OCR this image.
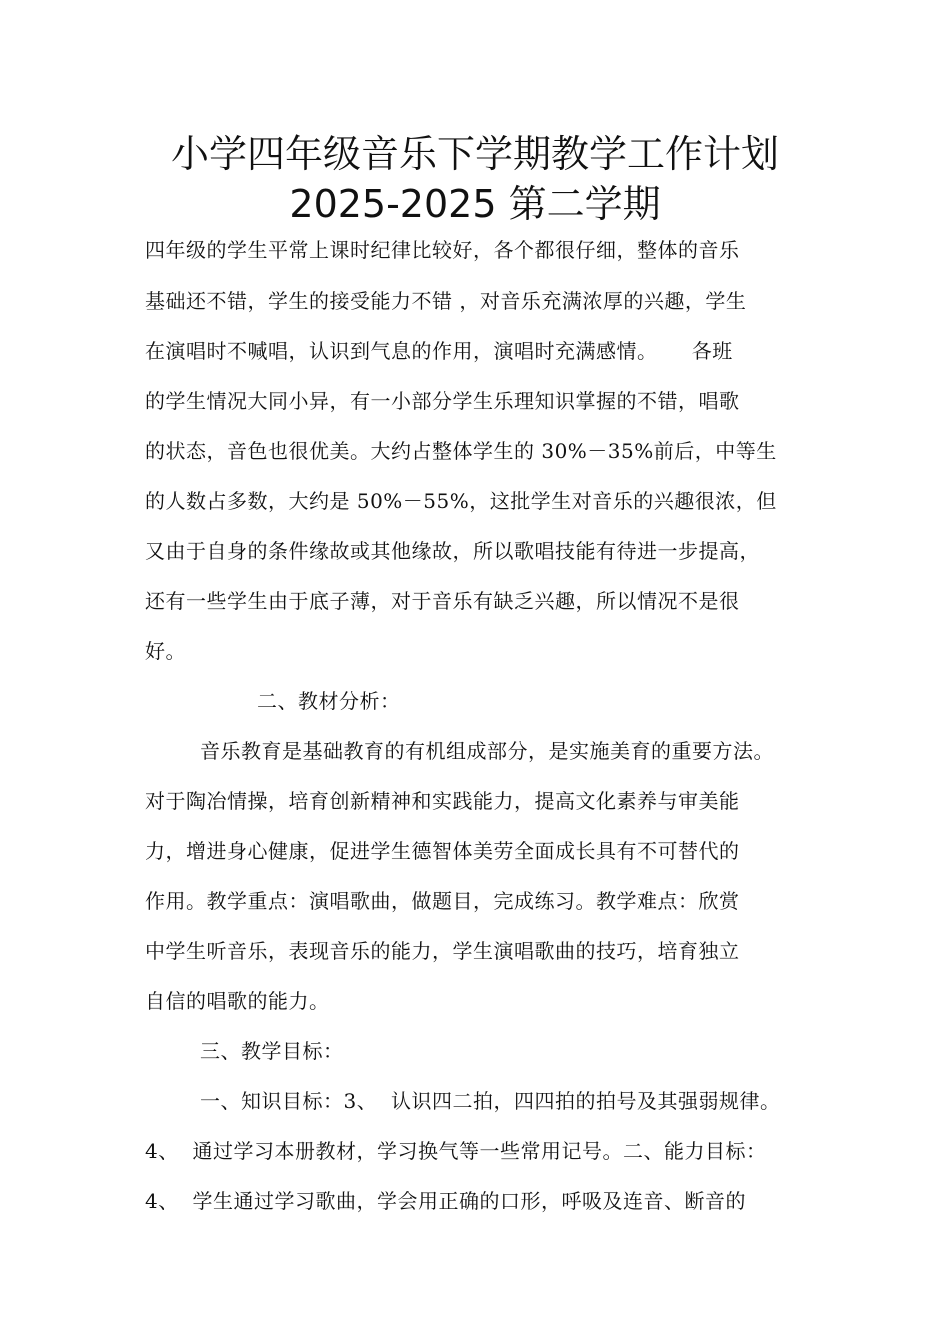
小学四年级音乐下学期教学工作计划
2025-2025 第二学期
四年级的学生平常上课时纪律比较好，各个都很仔细，整体的音乐
基础还不错，学生的接受能力不错 ，对音乐充满浓厚的兴趣，学生
在演唱时不喊唱，认识到气息的作用，演唱时充满感情。     各班
的学生情况大同小异，有一小部分学生乐理知识掌握的不错，唱歌
的状态，音色也很优美。大约占整体学生的 30%－35%前后，中等生
的人数占多数，大约是 50%－55%，这批学生对音乐的兴趣很浓，但
又由于自身的条件缘故或其他缘故，所以歌唱技能有待进一步提高，
还有一些学生由于底子薄，对于音乐有缺乏兴趣，所以情况不是很
好。
二、教材分析：
音乐教育是基础教育的有机组成部分，是实施美育的重要方法。
对于陶冶情操，培育创新精神和实践能力，提高文化素养与审美能
力，增进身心健康，促进学生德智体美劳全面成长具有不可替代的
作用。教学重点：演唱歌曲，做题目，完成练习。教学难点：欣赏
中学生听音乐，表现音乐的能力，学生演唱歌曲的技巧，培育独立
自信的唱歌的能力。
三、教学目标：
一、知识目标：3、  认识四二拍，四四拍的拍号及其强弱规律。
4、  通过学习本册教材，学习换气等一些常用记号。二、能力目标：
4、  学生通过学习歌曲，学会用正确的口形，呼吸及连音、断音的
